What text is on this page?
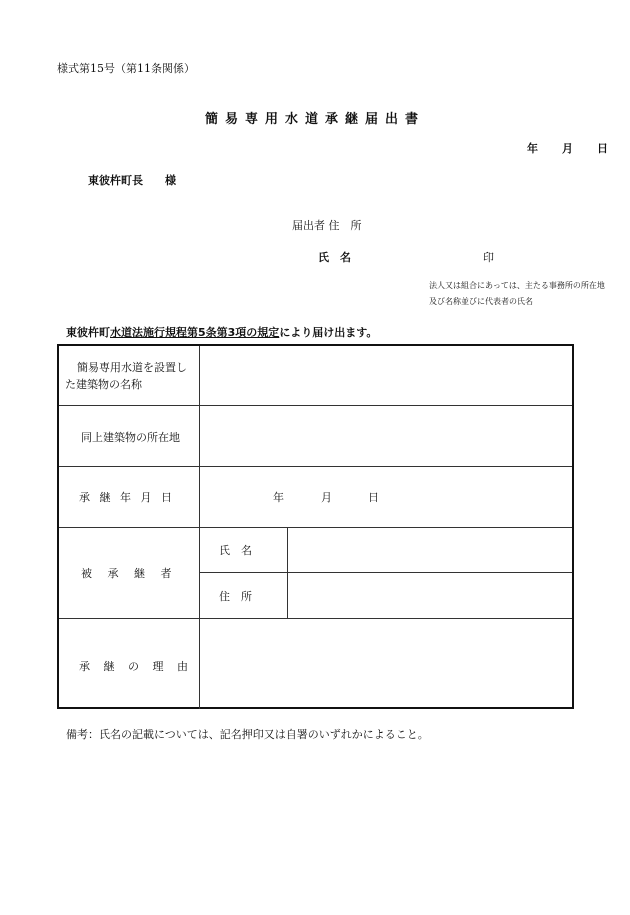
様式第15号（第11条関係）
簡易専用水道承継届出書
年 月 日
東彼杵町長 様
届出者 住　所
氏　名	印
法人又は組合にあっては、主たる事務所の所在地
及び名称並びに代表者の氏名
東彼杵町水道法施行規程第5条第3項の規定により届け出ます。
簡易専用水道を設置し
た建築物の名称
同上建築物の所在地
承 継 年 月 日	年	月	日
被 承 継 者
氏　名
住　所
承 継 の 理 由
備考：氏名の記載については、記名押印又は自署のいずれかによること。
